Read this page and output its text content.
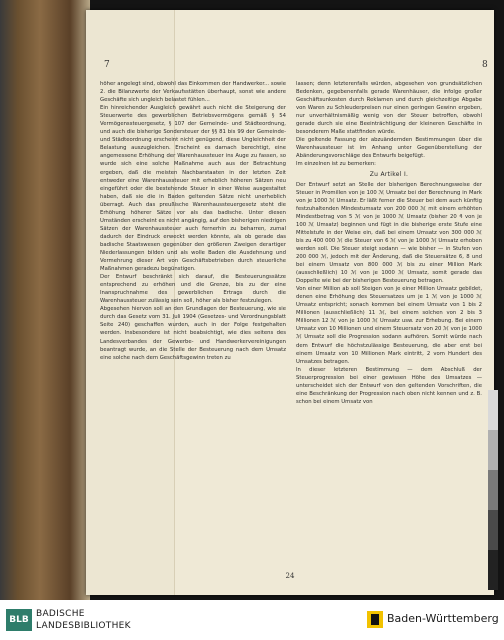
7	8

höher angelegt sind, obwohl das Einkommen der Handwerker... sowie 2. die Bilanzwerte der Verkaufsstätten überhaupt, sonst wie andere Geschäfte sich ungleich belastet fühlen...

Ein hinreichender Ausgleich gewährt auch nicht die Steigerung der Steuerwerte des gewerblichen Betriebsvermögens gemäß § 54 Vermögenssteuergesetz, § 107 der Gemeinde- und Städteordnung, und auch die bisherige Sondersteuer der §§ 81 bis 99 der Gemeinde- und Städteordnung erscheint nicht genügend, diese Ungleichheit der Belastung auszugleichen. Erscheint es darnach berechtigt, eine angemessene Erhöhung der Warenhaussteuer ins Auge zu fassen, so wurde sich eine solche Maßnahme auch aus der Betrachtung ergeben, daß die meisten Nachbarstaaten in der letzten Zeit entweder eine Warenhaussteuer mit erheblich höheren Sätzen neu eingeführt oder die bestehende Steuer in einer Weise ausgestaltet haben, daß sie die in Baden geltenden Sätze nicht unerheblich überragt. Auch das preußische Warenhaussteuergesetz steht die Erhöhung höherer Sätze vor als das badische. Unter diesen Umständen erscheint es nicht angängig, auf den bisherigen niedrigen Sätzen der Warenhaussteuer auch fernerhin zu beharren, zumal dadurch der Eindruck erweckt werden könnte, als ob gerade das badische Staatswesen gegenüber den größeren Zweigen derartiger Niederlassungen bilden und als wolle Baden die Ausdehnung und Vermehrung dieser Art von Geschäftsbetrieben durch steuerliche Maßnahmen geradezu begünstigen.

Der Entwurf beschränkt sich darauf, die Besteuerungssätze entsprechend zu erhöhen und die Grenze, bis zu der eine Inanspruchnahme des gewerblichen Ertrags durch die Warenhaussteuer zulässig sein soll, höher als bisher festzulegen.

Abgesehen hiervon soll an den Grundlagen der Besteuerung, wie sie durch das Gesetz vom 31. Juli 1904 (Gesetzes- und Verordnungsblatt Seite 240) geschaffen wurden, auch in der Folge festgehalten werden. Insbesondere ist nicht beabsichtigt, wie dies seitens des Landesverbandes der Gewerbe- und Handwerkervereinigungen beantragt wurde, an die Stelle der Besteuerung nach dem Umsatz eine solche nach dem Geschäftsgewinn treten zu

lassen; denn letzterenfalls würden, abgesehen von grundsätzlichen Bedenken, gegebenenfalls gerade Warenhäuser, die infolge großer Geschäftsunkosten durch Reklamen und durch gleichzeitige Abgabe von Waren zu Schleuderpreisen nur einen geringen Gewinn ergeben, nur unverhältnismäßig wenig von der Steuer betroffen, obwohl gerade durch sie eine Beeinträchtigung der kleineren Geschäfte in besonderem Maße stattfinden würde.

Die geltende Fassung der abzuändernden Bestimmungen über die Warenhaussteuer ist im Anhang unter Gegenüberstellung der Abänderungsvorschläge des Entwurfs beigefügt.

Im einzelnen ist zu bemerken:

Zu Artikel I.

Der Entwurf setzt an Stelle der bisherigen Berechnungsweise der Steuer in Promillen von je 100 ℳ Umsatz bei der Berechnung in Mark von je 1000 ℳ Umsatz. Er läßt ferner die Steuer bei dem auch künftig festzuhaltenden Mindestumsatz von 200 000 ℳ mit einem erhöhten Mindestbetrag von 5 ℳ von je 1000 ℳ Umsatz (bisher 20 ₰ von je 100 ℳ Umsatz) beginnen und fügt in die bisherige erste Stufe eine Mittelstufe in der Weise ein, daß bei einem Umsatz von 300 000 ℳ bis zu 400 000 ℳ die Steuer von 6 ℳ von je 1000 ℳ Umsatz erhoben werden soll. Die Steuer steigt sodann — wie bisher — in Stufen von 200 000 ℳ, jedoch mit der Änderung, daß die Steuersätze 6, 8 und bei einem Umsatz von 800 000 ℳ bis zu einer Million Mark (ausschließlich) 10 ℳ von je 1000 ℳ Umsatz, somit gerade das Doppelte wie bei der bisherigen Besteuerung betragen.

Von einer Million ab soll Steigen von je einer Million Umsatz gebildet, denen eine Erhöhung des Steuersatzes um je 1 ℳ von je 1000 ℳ Umsatz entspricht; sonach kommen bei einem Umsatz von 1 bis 2 Millionen (ausschließlich) 11 ℳ, bei einem solchen von 2 bis 3 Millionen 12 ℳ von je 1000 ℳ Umsatz usw. zur Erhebung. Bei einem Umsatz von 10 Millionen und einem Steuersatz von 20 ℳ von je 1000 ℳ Umsatz soll die Progression sodann aufhören. Somit würde nach dem Entwurf die höchstzulässige Besteuerung, die aber erst bei einem Umsatz von 10 Millionen Mark eintritt, 2 vom Hundert des Umsatzes betragen.

In dieser letzteren Bestimmung — dem Abschluß der Steuerprogression bei einer gewissen Höhe des Umsatzes — unterscheidet sich der Entwurf von den geltenden Vorschriften, die eine Beschränkung der Progression nach oben nicht kennen und z. B. schon bei einem Umsatz von

24
BLB
BADISCHE
LANDESBIBLIOTHEK
Baden-Württemberg
